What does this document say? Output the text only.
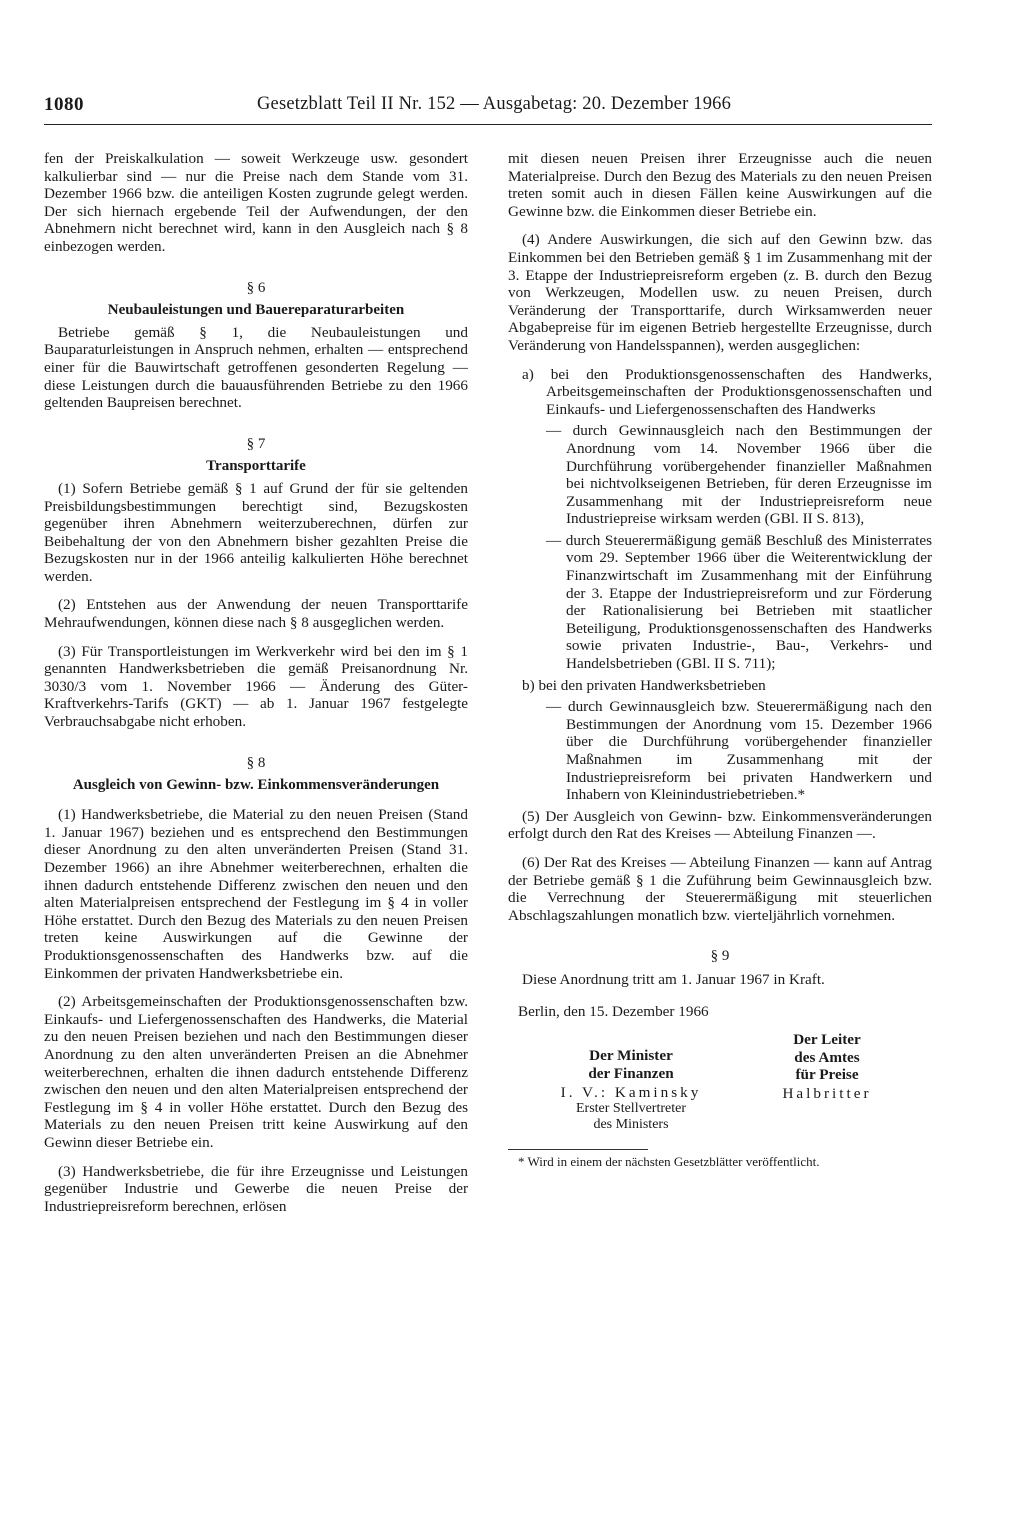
1080	Gesetzblatt Teil II Nr. 152 — Ausgabetag: 20. Dezember 1966

fen der Preiskalkulation — soweit Werkzeuge usw. gesondert kalkulierbar sind — nur die Preise nach dem Stande vom 31. Dezember 1966 bzw. die anteiligen Kosten zugrunde gelegt werden. Der sich hiernach ergebende Teil der Aufwendungen, der den Abnehmern nicht berechnet wird, kann in den Ausgleich nach § 8 einbezogen werden.

§ 6

Neubauleistungen und Bauereparaturarbeiten

Betriebe gemäß § 1, die Neubauleistungen und Bauparaturleistungen in Anspruch nehmen, erhalten — entsprechend einer für die Bauwirtschaft getroffenen gesonderten Regelung — diese Leistungen durch die bauausführenden Betriebe zu den 1966 geltenden Baupreisen berechnet.

§ 7

Transporttarife

(1) Sofern Betriebe gemäß § 1 auf Grund der für sie geltenden Preisbildungsbestimmungen berechtigt sind, Bezugskosten gegenüber ihren Abnehmern weiterzuberechnen, dürfen zur Beibehaltung der von den Abnehmern bisher gezahlten Preise die Bezugskosten nur in der 1966 anteilig kalkulierten Höhe berechnet werden.

(2) Entstehen aus der Anwendung der neuen Transporttarife Mehraufwendungen, können diese nach § 8 ausgeglichen werden.

(3) Für Transportleistungen im Werkverkehr wird bei den im § 1 genannten Handwerksbetrieben die gemäß Preisanordnung Nr. 3030/3 vom 1. November 1966 — Änderung des Güter-Kraftverkehrs-Tarifs (GKT) — ab 1. Januar 1967 festgelegte Verbrauchsabgabe nicht erhoben.

§ 8

Ausgleich von Gewinn- bzw. Einkommensveränderungen

(1) Handwerksbetriebe, die Material zu den neuen Preisen (Stand 1. Januar 1967) beziehen und es entsprechend den Bestimmungen dieser Anordnung zu den alten unveränderten Preisen (Stand 31. Dezember 1966) an ihre Abnehmer weiterberechnen, erhalten die ihnen dadurch entstehende Differenz zwischen den neuen und den alten Materialpreisen entsprechend der Festlegung im § 4 in voller Höhe erstattet. Durch den Bezug des Materials zu den neuen Preisen treten keine Auswirkungen auf die Gewinne der Produktionsgenossenschaften des Handwerks bzw. auf die Einkommen der privaten Handwerksbetriebe ein.

(2) Arbeitsgemeinschaften der Produktionsgenossenschaften bzw. Einkaufs- und Liefergenossenschaften des Handwerks, die Material zu den neuen Preisen beziehen und nach den Bestimmungen dieser Anordnung zu den alten unveränderten Preisen an die Abnehmer weiterberechnen, erhalten die ihnen dadurch entstehende Differenz zwischen den neuen und den alten Materialpreisen entsprechend der Festlegung im § 4 in voller Höhe erstattet. Durch den Bezug des Materials zu den neuen Preisen tritt keine Auswirkung auf den Gewinn dieser Betriebe ein.

(3) Handwerksbetriebe, die für ihre Erzeugnisse und Leistungen gegenüber Industrie und Gewerbe die neuen Preise der Industriepreisreform berechnen, erlösen

mit diesen neuen Preisen ihrer Erzeugnisse auch die neuen Materialpreise. Durch den Bezug des Materials zu den neuen Preisen treten somit auch in diesen Fällen keine Auswirkungen auf die Gewinne bzw. die Einkommen dieser Betriebe ein.

(4) Andere Auswirkungen, die sich auf den Gewinn bzw. das Einkommen bei den Betrieben gemäß § 1 im Zusammenhang mit der 3. Etappe der Industriepreisreform ergeben (z. B. durch den Bezug von Werkzeugen, Modellen usw. zu neuen Preisen, durch Veränderung der Transporttarife, durch Wirksamwerden neuer Abgabepreise für im eigenen Betrieb hergestellte Erzeugnisse, durch Veränderung von Handelsspannen), werden ausgeglichen:

a) bei den Produktionsgenossenschaften des Handwerks, Arbeitsgemeinschaften der Produktionsgenossenschaften und Einkaufs- und Liefergenossenschaften des Handwerks

— durch Gewinnausgleich nach den Bestimmungen der Anordnung vom 14. November 1966 über die Durchführung vorübergehender finanzieller Maßnahmen bei nichtvolkseigenen Betrieben, für deren Erzeugnisse im Zusammenhang mit der Industriepreisreform neue Industriepreise wirksam werden (GBl. II S. 813),

— durch Steuerermäßigung gemäß Beschluß des Ministerrates vom 29. September 1966 über die Weiterentwicklung der Finanzwirtschaft im Zusammenhang mit der Einführung der 3. Etappe der Industriepreisreform und zur Förderung der Rationalisierung bei Betrieben mit staatlicher Beteiligung, Produktionsgenossenschaften des Handwerks sowie privaten Industrie-, Bau-, Verkehrs- und Handelsbetrieben (GBl. II S. 711);

b) bei den privaten Handwerksbetrieben

— durch Gewinnausgleich bzw. Steuerermäßigung nach den Bestimmungen der Anordnung vom 15. Dezember 1966 über die Durchführung vorübergehender finanzieller Maßnahmen im Zusammenhang mit der Industriepreisreform bei privaten Handwerkern und Inhabern von Kleinindustriebetrieben.*

(5) Der Ausgleich von Gewinn- bzw. Einkommensveränderungen erfolgt durch den Rat des Kreises — Abteilung Finanzen —.

(6) Der Rat des Kreises — Abteilung Finanzen — kann auf Antrag der Betriebe gemäß § 1 die Zuführung beim Gewinnausgleich bzw. die Verrechnung der Steuerermäßigung mit steuerlichen Abschlagszahlungen monatlich bzw. vierteljährlich vornehmen.

§ 9

Diese Anordnung tritt am 1. Januar 1967 in Kraft.

Berlin, den 15. Dezember 1966

Der Minister
der Finanzen
I. V.: Kaminsky
Erster Stellvertreter
des Ministers
Der Leiter
des Amtes
für Preise
Halbritter

* Wird in einem der nächsten Gesetzblätter veröffentlicht.
